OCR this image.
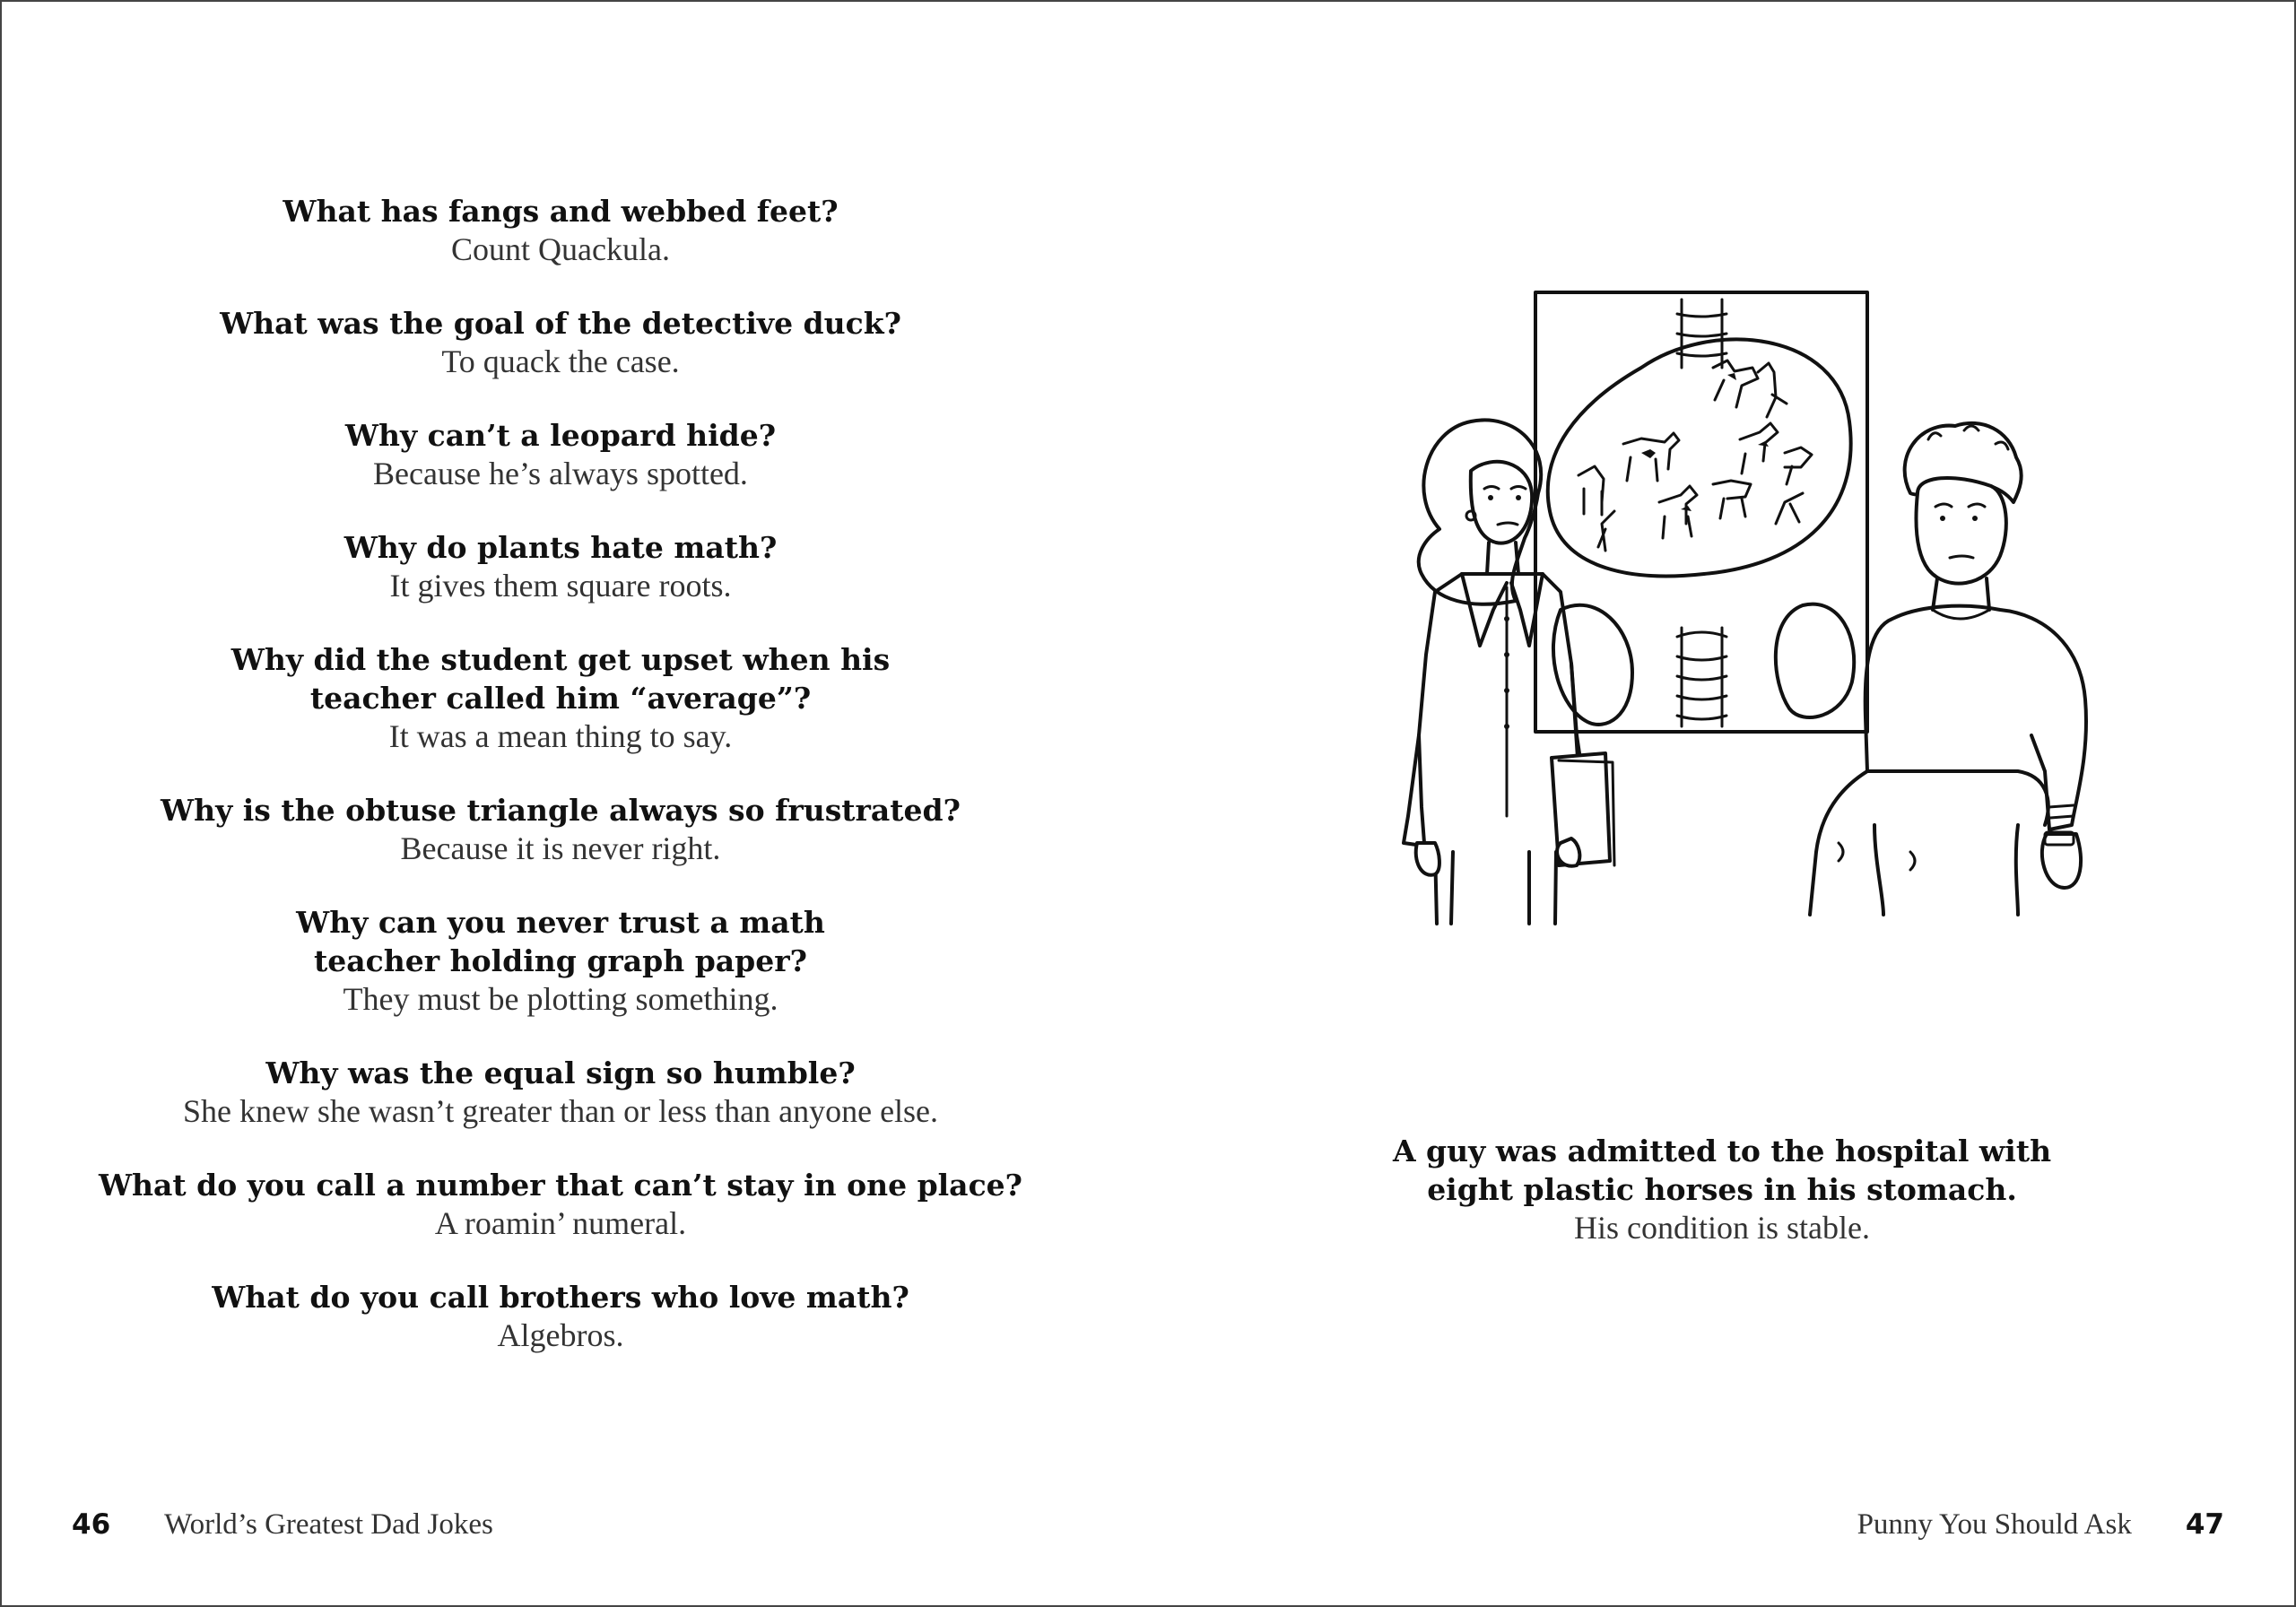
What has fangs and webbed feet?
Count Quackula.
What was the goal of the detective duck?
To quack the case.
Why can’t a leopard hide?
Because he’s always spotted.
Why do plants hate math?
It gives them square roots.
Why did the student get upset when his
teacher called him “average”?
It was a mean thing to say.
Why is the obtuse triangle always so frustrated?
Because it is never right.
Why can you never trust a math
teacher holding graph paper?
They must be plotting something.
Why was the equal sign so humble?
She knew she wasn’t greater than or less than anyone else.
What do you call a number that can’t stay in one place?
A roamin’ numeral.
What do you call brothers who love math?
Algebros.
46 World’s Greatest Dad Jokes
A guy was admitted to the hospital with
eight plastic horses in his stomach.
His condition is stable.
Punny You Should Ask 47
